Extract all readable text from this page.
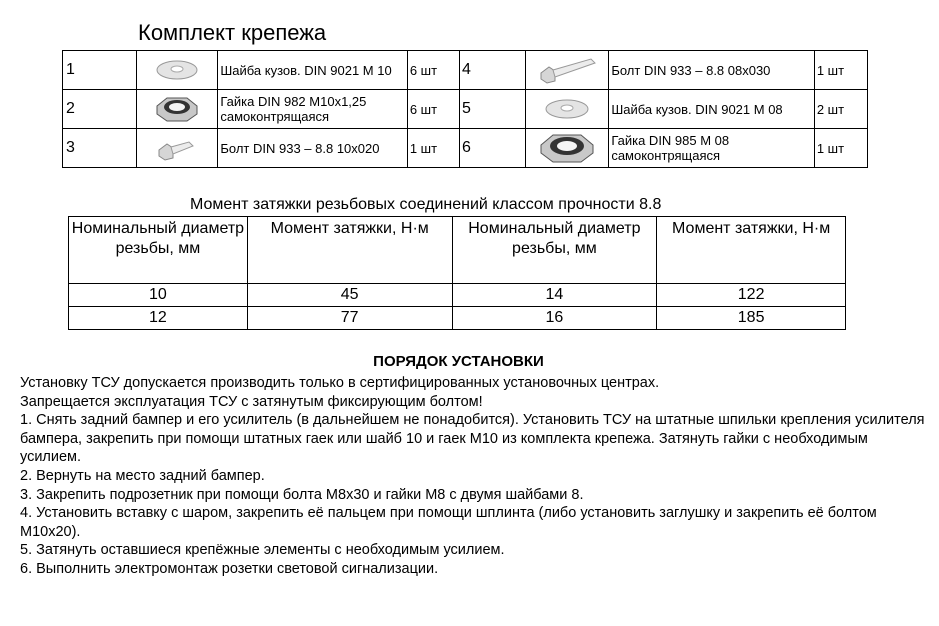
Комплект крепежа
1		Шайба кузов. DIN 9021 М 10	6 шт	4		Болт DIN 933 – 8.8 08х030	1 шт
2		Гайка DIN 982 М10х1,25 самоконтрящаяся	6 шт	5		Шайба кузов. DIN 9021 М 08	2 шт
3		Болт DIN 933 – 8.8 10х020	1 шт	6		Гайка DIN 985 М 08 самоконтрящаяся	1 шт
Момент затяжки резьбовых соединений классом прочности 8.8
Номинальный диаметр резьбы, мм	Момент затяжки, Н·м	Номинальный диаметр резьбы, мм	Момент затяжки, Н·м
10	45	14	122
12	77	16	185
ПОРЯДОК УСТАНОВКИ
Установку ТСУ допускается производить только в сертифицированных установочных центрах.
Запрещается эксплуатация ТСУ с затянутым фиксирующим болтом!
1. Снять задний бампер и его усилитель (в дальнейшем не понадобится). Установить ТСУ на штатные шпильки крепления усилителя бампера, закрепить при помощи штатных гаек или шайб 10 и гаек М10 из комплекта крепежа. Затянуть гайки с необходимым усилием.
2. Вернуть на место задний бампер.
3. Закрепить подрозетник при помощи болта М8х30 и гайки М8 с двумя шайбами 8.
4. Установить вставку с шаром, закрепить её пальцем при помощи шплинта (либо установить заглушку и закрепить её болтом М10х20).
5. Затянуть оставшиеся крепёжные элементы с необходимым усилием.
6. Выполнить электромонтаж розетки световой сигнализации.
